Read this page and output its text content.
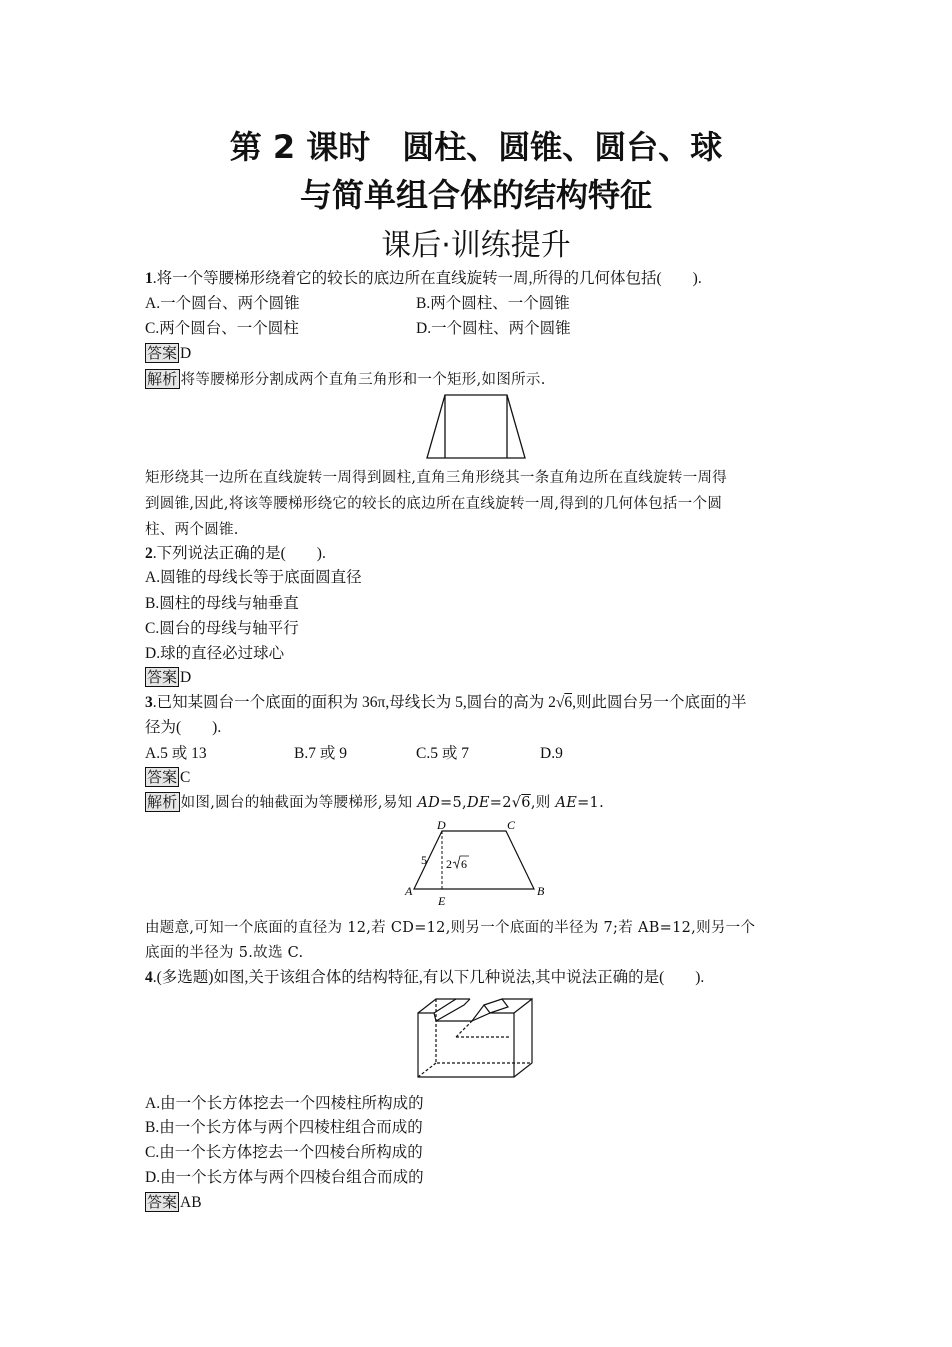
第 2 课时　圆柱、圆锥、圆台、球
与简单组合体的结构特征
课后·训练提升
1.将一个等腰梯形绕着它的较长的底边所在直线旋转一周,所得的几何体包括(　　).
A.一个圆台、两个圆锥	B.两个圆柱、一个圆锥
C.两个圆台、一个圆柱	D.一个圆柱、两个圆锥
答案 D
解析 将等腰梯形分割成两个直角三角形和一个矩形,如图所示.
矩形绕其一边所在直线旋转一周得到圆柱,直角三角形绕其一条直角边所在直线旋转一周得
到圆锥,因此,将该等腰梯形绕它的较长的底边所在直线旋转一周,得到的几何体包括一个圆
柱、两个圆锥.
2.下列说法正确的是(　　).
A.圆锥的母线长等于底面圆直径
B.圆柱的母线与轴垂直
C.圆台的母线与轴平行
D.球的直径必过球心
答案 D
3.已知某圆台一个底面的面积为 36π,母线长为 5,圆台的高为 2√6,则此圆台另一个底面的半
径为(　　).
A.5 或 13	B.7 或 9	C.5 或 7	D.9
答案 C
解析 如图,圆台的轴截面为等腰梯形,易知 AD=5,DE=2√6,则 AE=1.
D	C
A	B
E
5 2 6
由题意,可知一个底面的直径为 12,若 CD=12,则另一个底面的半径为 7;若 AB=12,则另一个
底面的半径为 5.故选 C.
4.(多选题)如图,关于该组合体的结构特征,有以下几种说法,其中说法正确的是(　　).
A.由一个长方体挖去一个四棱柱所构成的
B.由一个长方体与两个四棱柱组合而成的
C.由一个长方体挖去一个四棱台所构成的
D.由一个长方体与两个四棱台组合而成的
答案 AB
